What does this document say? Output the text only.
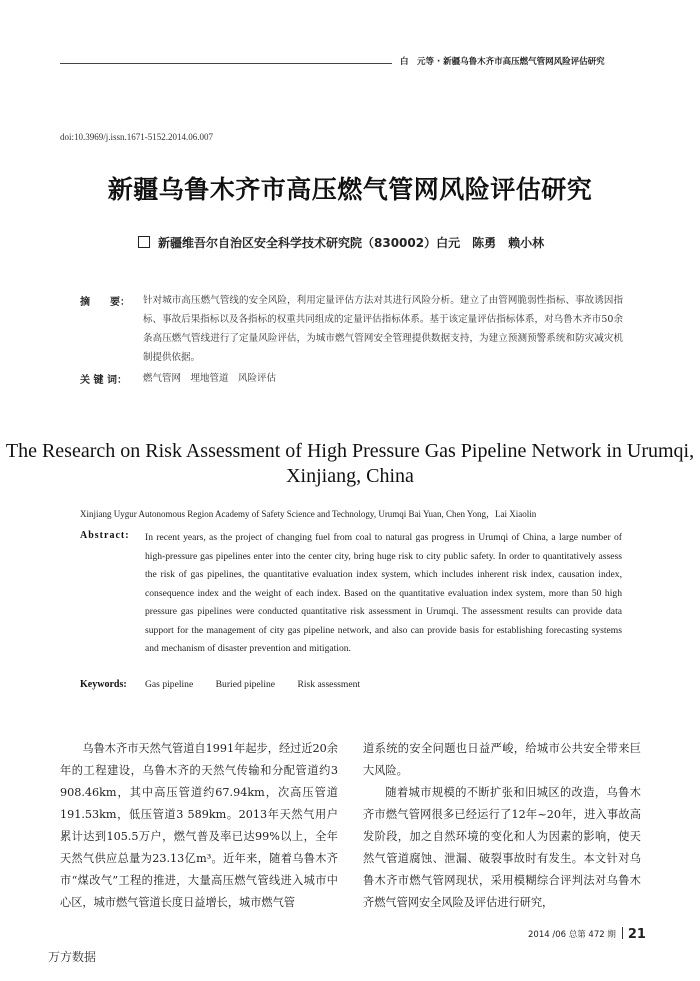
白　元等 · 新疆乌鲁木齐市高压燃气管网风险评估研究
doi:10.3969/j.issn.1671-5152.2014.06.007
新疆乌鲁木齐市高压燃气管网风险评估研究
新疆维吾尔自治区安全科学技术研究院（830002）白元　陈勇　赖小林
摘　　要： 针对城市高压燃气管线的安全风险，利用定量评估方法对其进行风险分析。建立了由管网脆弱性指标、事故诱因指标、事故后果指标以及各指标的权重共同组成的定量评估指标体系。基于该定量评估指标体系，对乌鲁木齐市50余条高压燃气管线进行了定量风险评估，为城市燃气管网安全管理提供数据支持，为建立预测预警系统和防灾减灾机制提供依据。
关 键 词： 燃气管网　埋地管道　风险评估
The Research on Risk Assessment of High Pressure Gas Pipeline Network in Urumqi, Xinjiang, China
Xinjiang Uygur Autonomous Region Academy of Safety Science and Technology, Urumqi Bai Yuan, Chen Yong，Lai Xiaolin
Abstract: In recent years, as the project of changing fuel from coal to natural gas progress in Urumqi of China, a large number of high-pressure gas pipelines enter into the center city, bring huge risk to city public safety. In order to quantitatively assess the risk of gas pipelines, the quantitative evaluation index system, which includes inherent risk index, causation index, consequence index and the weight of each index. Based on the quantitative evaluation index system, more than 50 high pressure gas pipelines were conducted quantitative risk assessment in Urumqi. The assessment results can provide data support for the management of city gas pipeline network, and also can provide basis for establishing forecasting systems and mechanism of disaster prevention and mitigation.
Keywords: Gas pipeline Buried pipeline Risk assessment

乌鲁木齐市天然气管道自1991年起步，经过近20余年的工程建设，乌鲁木齐的天然气传输和分配管道约3 908.46km，其中高压管道约67.94km，次高压管道191.53km，低压管道3 589km。2013年天然气用户累计达到105.5万户，燃气普及率已达99%以上，全年天然气供应总量为23.13亿m³。近年来，随着乌鲁木齐市“煤改气”工程的推进，大量高压燃气管线进入城市中心区，城市燃气管道长度日益增长，城市燃气管

道系统的安全问题也日益严峻，给城市公共安全带来巨大风险。

随着城市规模的不断扩张和旧城区的改造，乌鲁木齐市燃气管网很多已经运行了12年~20年，进入事故高发阶段，加之自然环境的变化和人为因素的影响，使天然气管道腐蚀、泄漏、破裂事故时有发生。本文针对乌鲁木齐市燃气管网现状，采用模糊综合评判法对乌鲁木齐燃气管网安全风险及评估进行研究，

2014 /06 总第 472 期 21
万方数据
